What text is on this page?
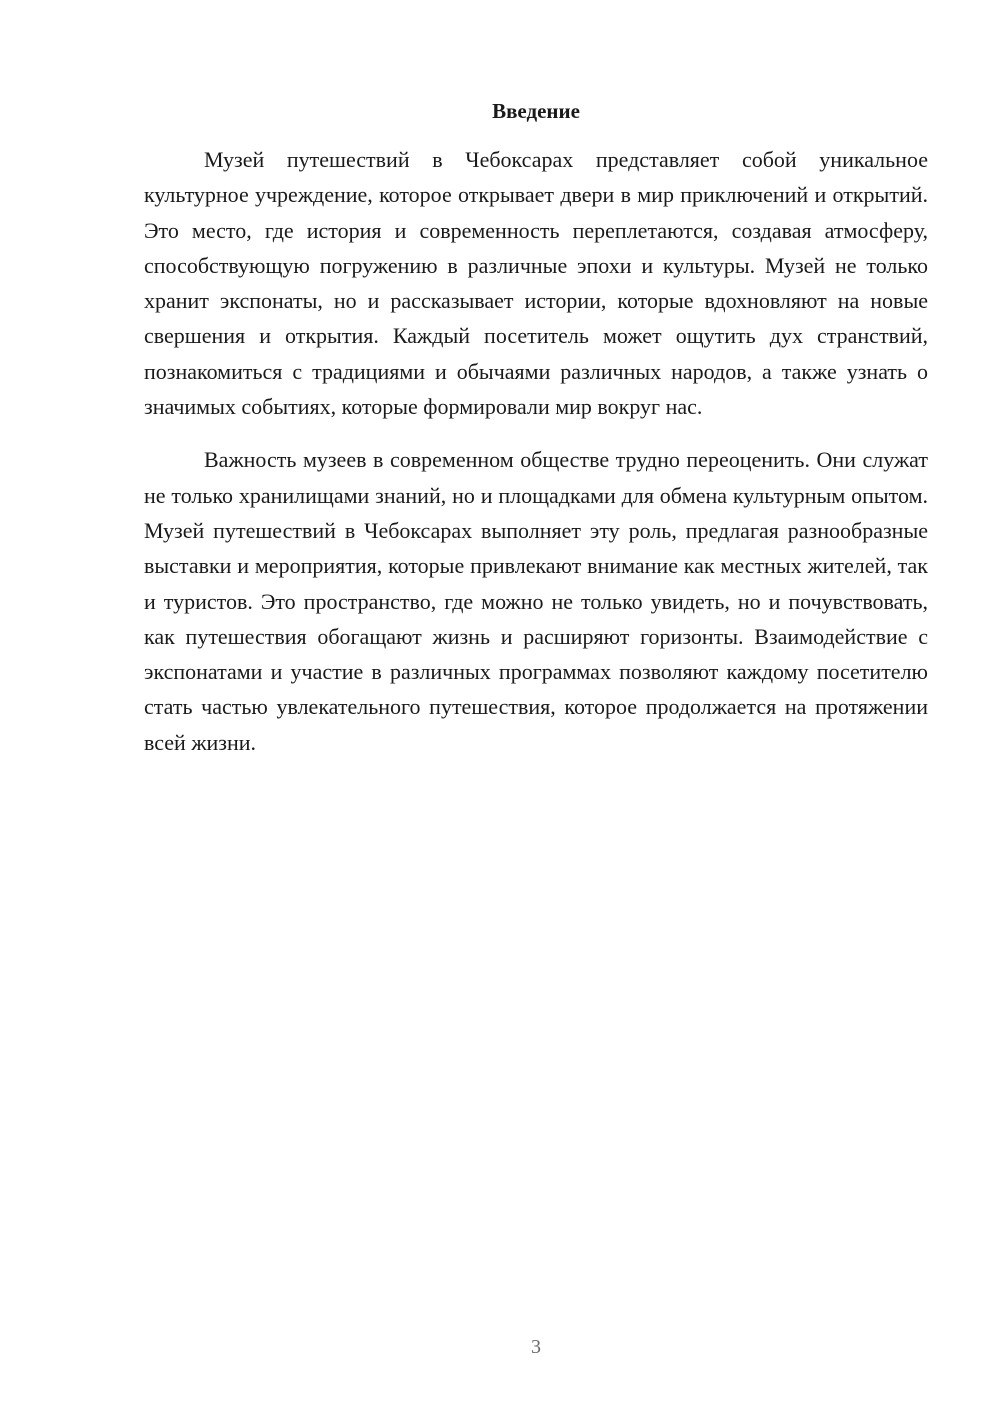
Введение

Музей путешествий в Чебоксарах представляет собой уникальное культурное учреждение, которое открывает двери в мир приключений и открытий. Это место, где история и современность переплетаются, создавая атмосферу, способствующую погружению в различные эпохи и культуры. Музей не только хранит экспонаты, но и рассказывает истории, которые вдохновляют на новые свершения и открытия. Каждый посетитель может ощутить дух странствий, познакомиться с традициями и обычаями различных народов, а также узнать о значимых событиях, которые формировали мир вокруг нас.

Важность музеев в современном обществе трудно переоценить. Они служат не только хранилищами знаний, но и площадками для обмена культурным опытом. Музей путешествий в Чебоксарах выполняет эту роль, предлагая разнообразные выставки и мероприятия, которые привлекают внимание как местных жителей, так и туристов. Это пространство, где можно не только увидеть, но и почувствовать, как путешествия обогащают жизнь и расширяют горизонты. Взаимодействие с экспонатами и участие в различных программах позволяют каждому посетителю стать частью увлекательного путешествия, которое продолжается на протяжении всей жизни.

3
